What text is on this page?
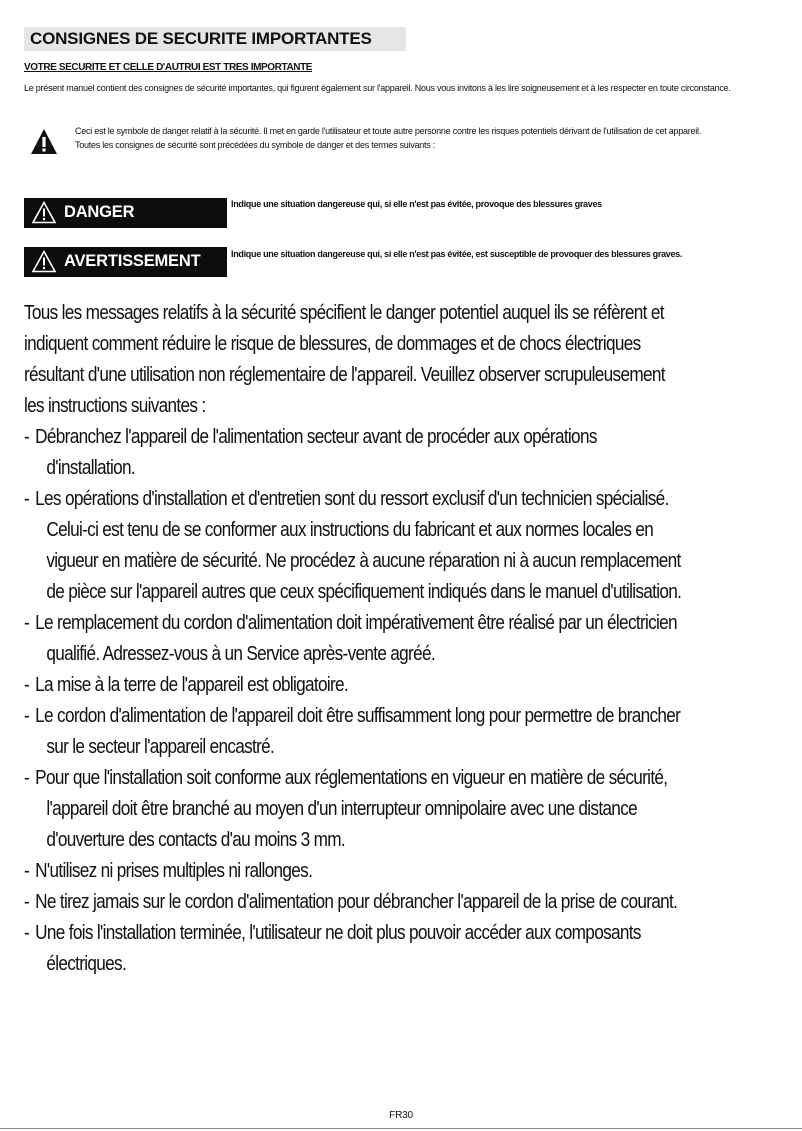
CONSIGNES DE SECURITE IMPORTANTES
VOTRE SECURITE ET CELLE D'AUTRUI EST TRES IMPORTANTE
Le présent manuel contient des consignes de sécurité importantes, qui figurent également sur l'appareil. Nous vous invitons à les lire soigneusement et à les respecter en toute circonstance.
Ceci est le symbole de danger relatif à la sécurité. Il met en garde l'utilisateur et toute autre personne contre les risques potentiels dérivant de l'utilisation de cet appareil.
Toutes les consignes de sécurité sont précédées du symbole de danger et des termes suivants :
DANGER	Indique une situation dangereuse qui, si elle n'est pas évitée, provoque des blessures graves
AVERTISSEMENT	Indique une situation dangereuse qui, si elle n'est pas évitée, est susceptible de provoquer des blessures graves.

Tous les messages relatifs à la sécurité spécifient le danger potentiel auquel ils se réfèrent et indiquent comment réduire le risque de blessures, de dommages et de chocs électriques résultant d'une utilisation non réglementaire de l'appareil. Veuillez observer scrupuleusement les instructions suivantes :

- Débranchez l'appareil de l'alimentation secteur avant de procéder aux opérations d'installation.
- Les opérations d'installation et d'entretien sont du ressort exclusif d'un technicien spécialisé. Celui-ci est tenu de se conformer aux instructions du fabricant et aux normes locales en vigueur en matière de sécurité. Ne procédez à aucune réparation ni à aucun remplacement de pièce sur l'appareil autres que ceux spécifiquement indiqués dans le manuel d'utilisation.
- Le remplacement du cordon d'alimentation doit impérativement être réalisé par un électricien qualifié. Adressez-vous à un Service après-vente agréé.
- La mise à la terre de l'appareil est obligatoire.
- Le cordon d'alimentation de l'appareil doit être suffisamment long pour permettre de brancher sur le secteur l'appareil encastré.
- Pour que l'installation soit conforme aux réglementations en vigueur en matière de sécurité, l'appareil doit être branché au moyen d'un interrupteur omnipolaire avec une distance d'ouverture des contacts d'au moins 3 mm.
- N'utilisez ni prises multiples ni rallonges.
- Ne tirez jamais sur le cordon d'alimentation pour débrancher l'appareil de la prise de courant.
- Une fois l'installation terminée, l'utilisateur ne doit plus pouvoir accéder aux composants électriques.
FR30
